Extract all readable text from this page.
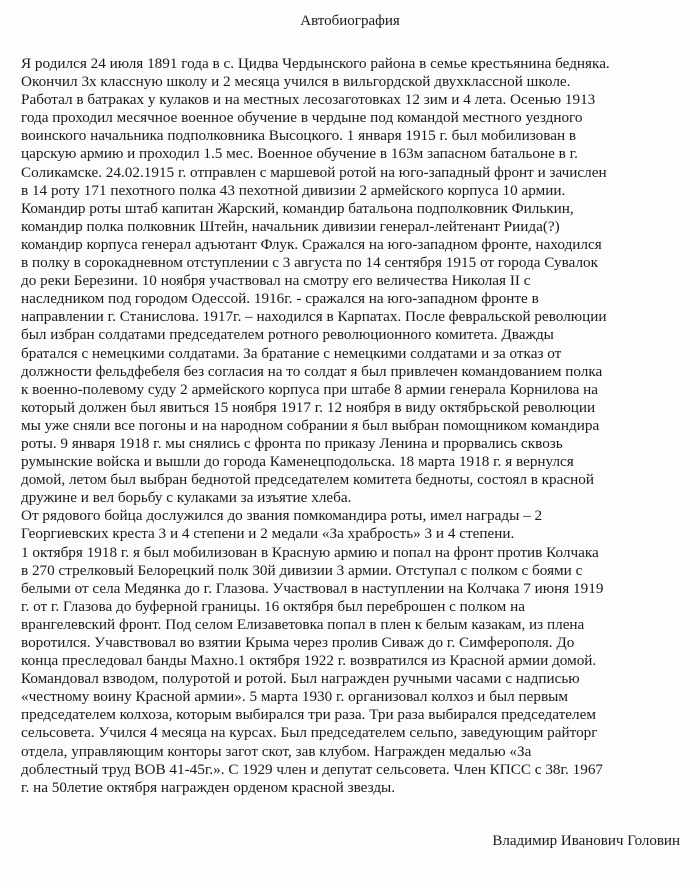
Автобиография
Я родился 24 июля 1891 года в с. Цидва Чердынского района в семье крестьянина бедняка.
Окончил 3х классную школу и 2 месяца учился в вильгордской двухклассной школе.
Работал в батраках у кулаков и на местных лесозаготовках 12 зим и 4 лета. Осенью 1913
года проходил месячное военное обучение в чердыне под командой местного уездного
воинского начальника подполковника Высоцкого. 1 января 1915 г. был мобилизован в
царскую армию и проходил 1.5 мес. Военное обучение в 163м запасном батальоне в г.
Соликамске. 24.02.1915 г. отправлен с маршевой ротой на юго-западный фронт и зачислен
в 14 роту 171 пехотного полка 43 пехотной дивизии 2 армейского корпуса 10 армии.
Командир роты штаб капитан Жарский, командир батальона подполковник Филькин,
командир полка полковник Штейн, начальник дивизии генерал-лейтенант Риида(?)
командир корпуса генерал адъютант Флук. Сражался на юго-западном фронте, находился
в полку в сорокадневном отступлении с 3 августа по 14 сентября 1915 от города Сувалок
до реки Березини. 10 ноября участвовал на смотру его величества Николая II с
наследником под городом Одессой. 1916г. - сражался на юго-западном фронте в
направлении г. Станислова. 1917г. – находился в Карпатах. После февральской революции
был избран солдатами председателем ротного революционного комитета. Дважды
братался с немецкими солдатами. За братание с немецкими солдатами и за отказ от
должности фельдфебеля без согласия на то солдат я был привлечен командованием полка
к военно-полевому суду 2 армейского корпуса при штабе 8 армии генерала Корнилова на
который должен был явиться 15 ноября 1917 г. 12 ноября в виду октябрьской революции
мы уже сняли все погоны и на народном собрании я был выбран помощником командира
роты. 9 января 1918 г. мы снялись с фронта по приказу Ленина и прорвались сквозь
румынские войска и вышли до города Каменецподольска. 18 марта 1918 г. я вернулся
домой, летом был выбран беднотой председателем комитета бедноты, состоял в красной
дружине и вел борьбу с кулаками за изъятие хлеба.
От рядового бойца дослужился до звания помкомандира роты, имел награды – 2
Георгиевских креста 3 и 4 степени и 2 медали «За храбрость» 3 и 4 степени.
1 октября 1918 г. я был мобилизован в Красную армию и попал на фронт против Колчака
в 270 стрелковый Белорецкий полк 30й дивизии 3 армии. Отступал с полком с боями с
белыми от села Медянка до г. Глазова. Участвовал в наступлении на Колчака 7 июня 1919
г. от г. Глазова до буферной границы. 16 октября был переброшен с полком на
врангелевский фронт. Под селом Елизаветовка попал в плен к белым казакам, из плена
воротился. Учавствовал во взятии Крыма через пролив Сиваж до г. Симферополя. До
конца преследовал банды Махно.1 октября 1922 г. возвратился из Красной армии домой.
Командовал взводом, полуротой и ротой. Был награжден ручными часами с надписью
«честному воину Красной армии». 5 марта 1930 г. организовал колхоз и был первым
председателем колхоза, которым выбирался три раза. Три раза выбирался председателем
сельсовета. Учился 4 месяца на курсах. Был председателем сельпо, заведующим райторг
отдела, управляющим конторы загот скот, зав клубом. Награжден медалью «За
доблестный труд ВОВ 41-45г.». С 1929 член и депутат сельсовета. Член КПСС с 38г. 1967
г. на 50летие октября награжден орденом красной звезды.
Владимир Иванович Головин
